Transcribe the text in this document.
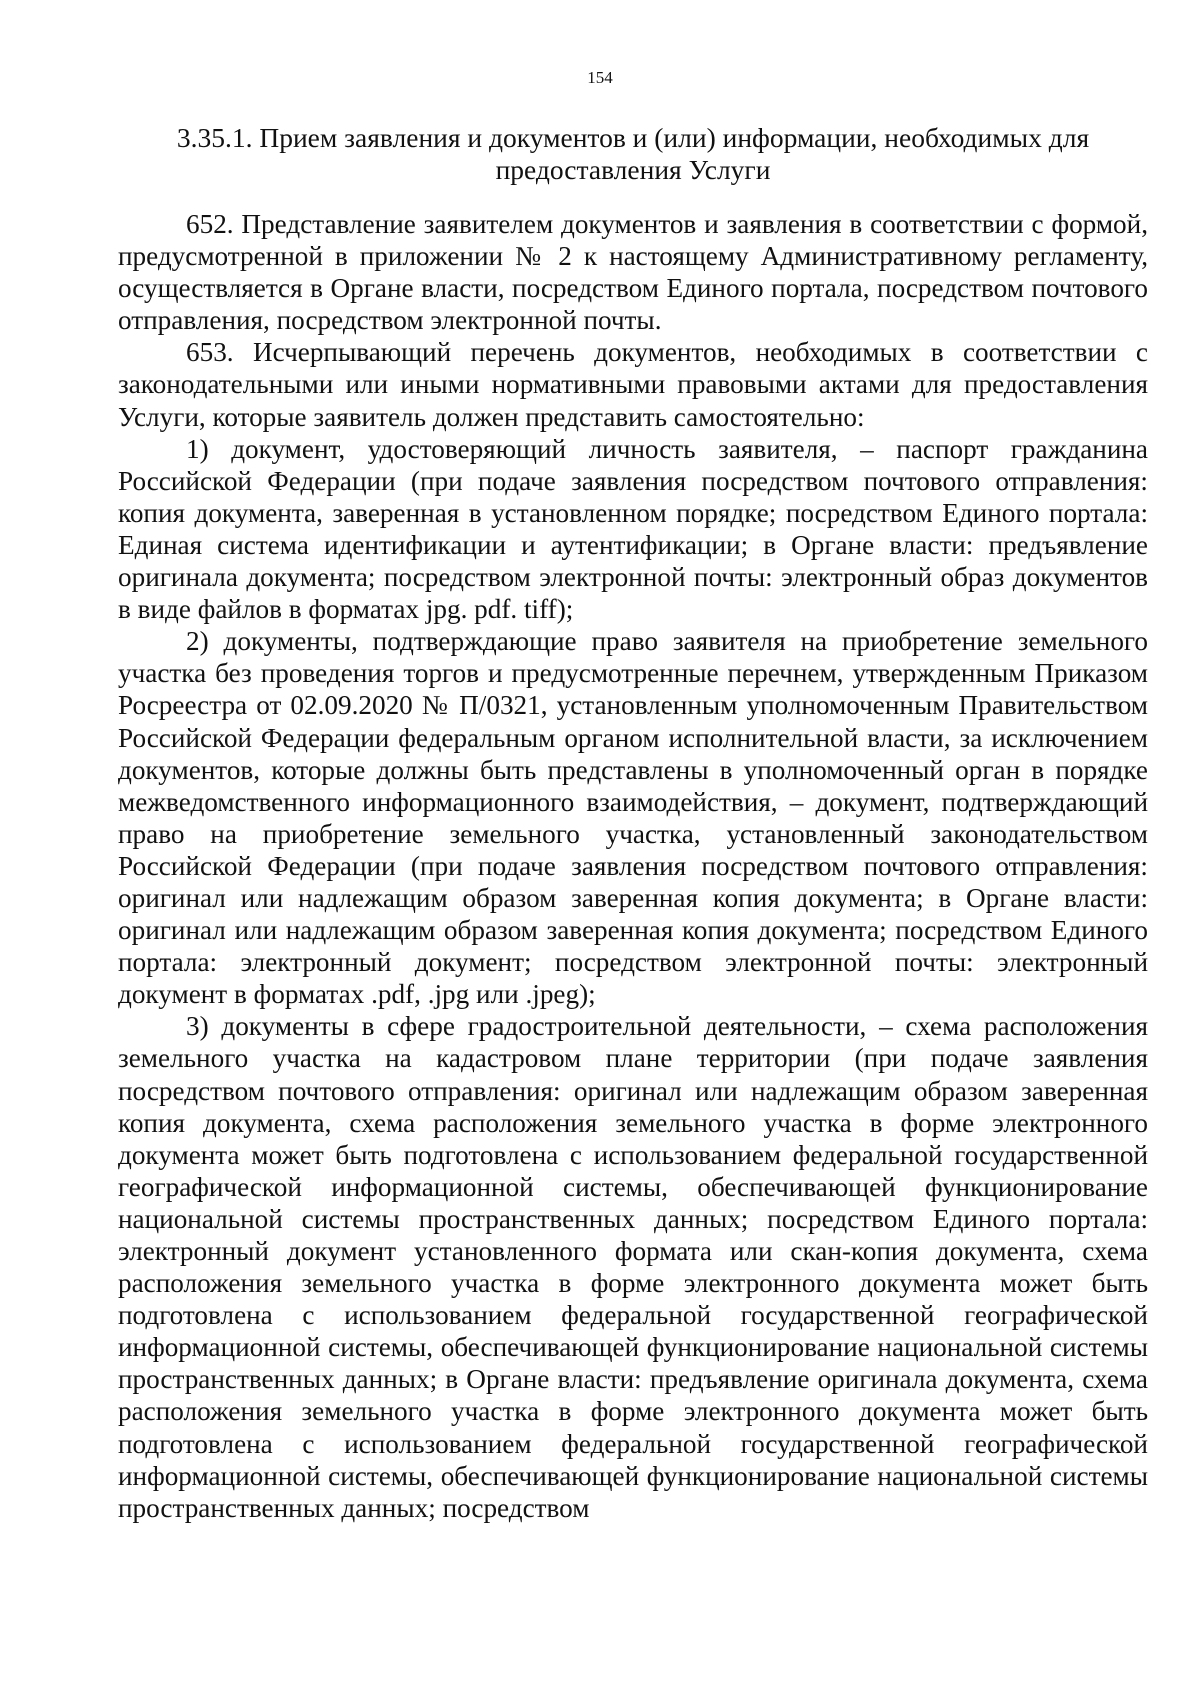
154
3.35.1. Прием заявления и документов и (или) информации, необходимых для предоставления Услуги

652. Представление заявителем документов и заявления в соответствии с формой, предусмотренной в приложении № 2 к настоящему Административному регламенту, осуществляется в Органе власти, посредством Единого портала, посредством почтового отправления, посредством электронной почты.

653. Исчерпывающий перечень документов, необходимых в соответствии с законодательными или иными нормативными правовыми актами для предоставления Услуги, которые заявитель должен представить самостоятельно:

1) документ, удостоверяющий личность заявителя, – паспорт гражданина Российской Федерации (при подаче заявления посредством почтового отправления: копия документа, заверенная в установленном порядке; посредством Единого портала: Единая система идентификации и аутентификации; в Органе власти: предъявление оригинала документа; посредством электронной почты: электронный образ документов в виде файлов в форматах jpg. pdf. tiff);

2) документы, подтверждающие право заявителя на приобретение земельного участка без проведения торгов и предусмотренные перечнем, утвержденным Приказом Росреестра от 02.09.2020 № П/0321, установленным уполномоченным Правительством Российской Федерации федеральным органом исполнительной власти, за исключением документов, которые должны быть представлены в уполномоченный орган в порядке межведомственного информационного взаимодействия, – документ, подтверждающий право на приобретение земельного участка, установленный законодательством Российской Федерации (при подаче заявления посредством почтового отправления: оригинал или надлежащим образом заверенная копия документа; в Органе власти: оригинал или надлежащим образом заверенная копия документа; посредством Единого портала: электронный документ; посредством электронной почты: электронный документ в форматах .pdf, .jpg или .jpeg);

3) документы в сфере градостроительной деятельности, – схема расположения земельного участка на кадастровом плане территории (при подаче заявления посредством почтового отправления: оригинал или надлежащим образом заверенная копия документа, схема расположения земельного участка в форме электронного документа может быть подготовлена с использованием федеральной государственной географической информационной системы, обеспечивающей функционирование национальной системы пространственных данных; посредством Единого портала: электронный документ установленного формата или скан-копия документа, схема расположения земельного участка в форме электронного документа может быть подготовлена с использованием федеральной государственной географической информационной системы, обеспечивающей функционирование национальной системы пространственных данных; в Органе власти: предъявление оригинала документа, схема расположения земельного участка в форме электронного документа может быть подготовлена с использованием федеральной государственной географической информационной системы, обеспечивающей функционирование национальной системы пространственных данных; посредством
